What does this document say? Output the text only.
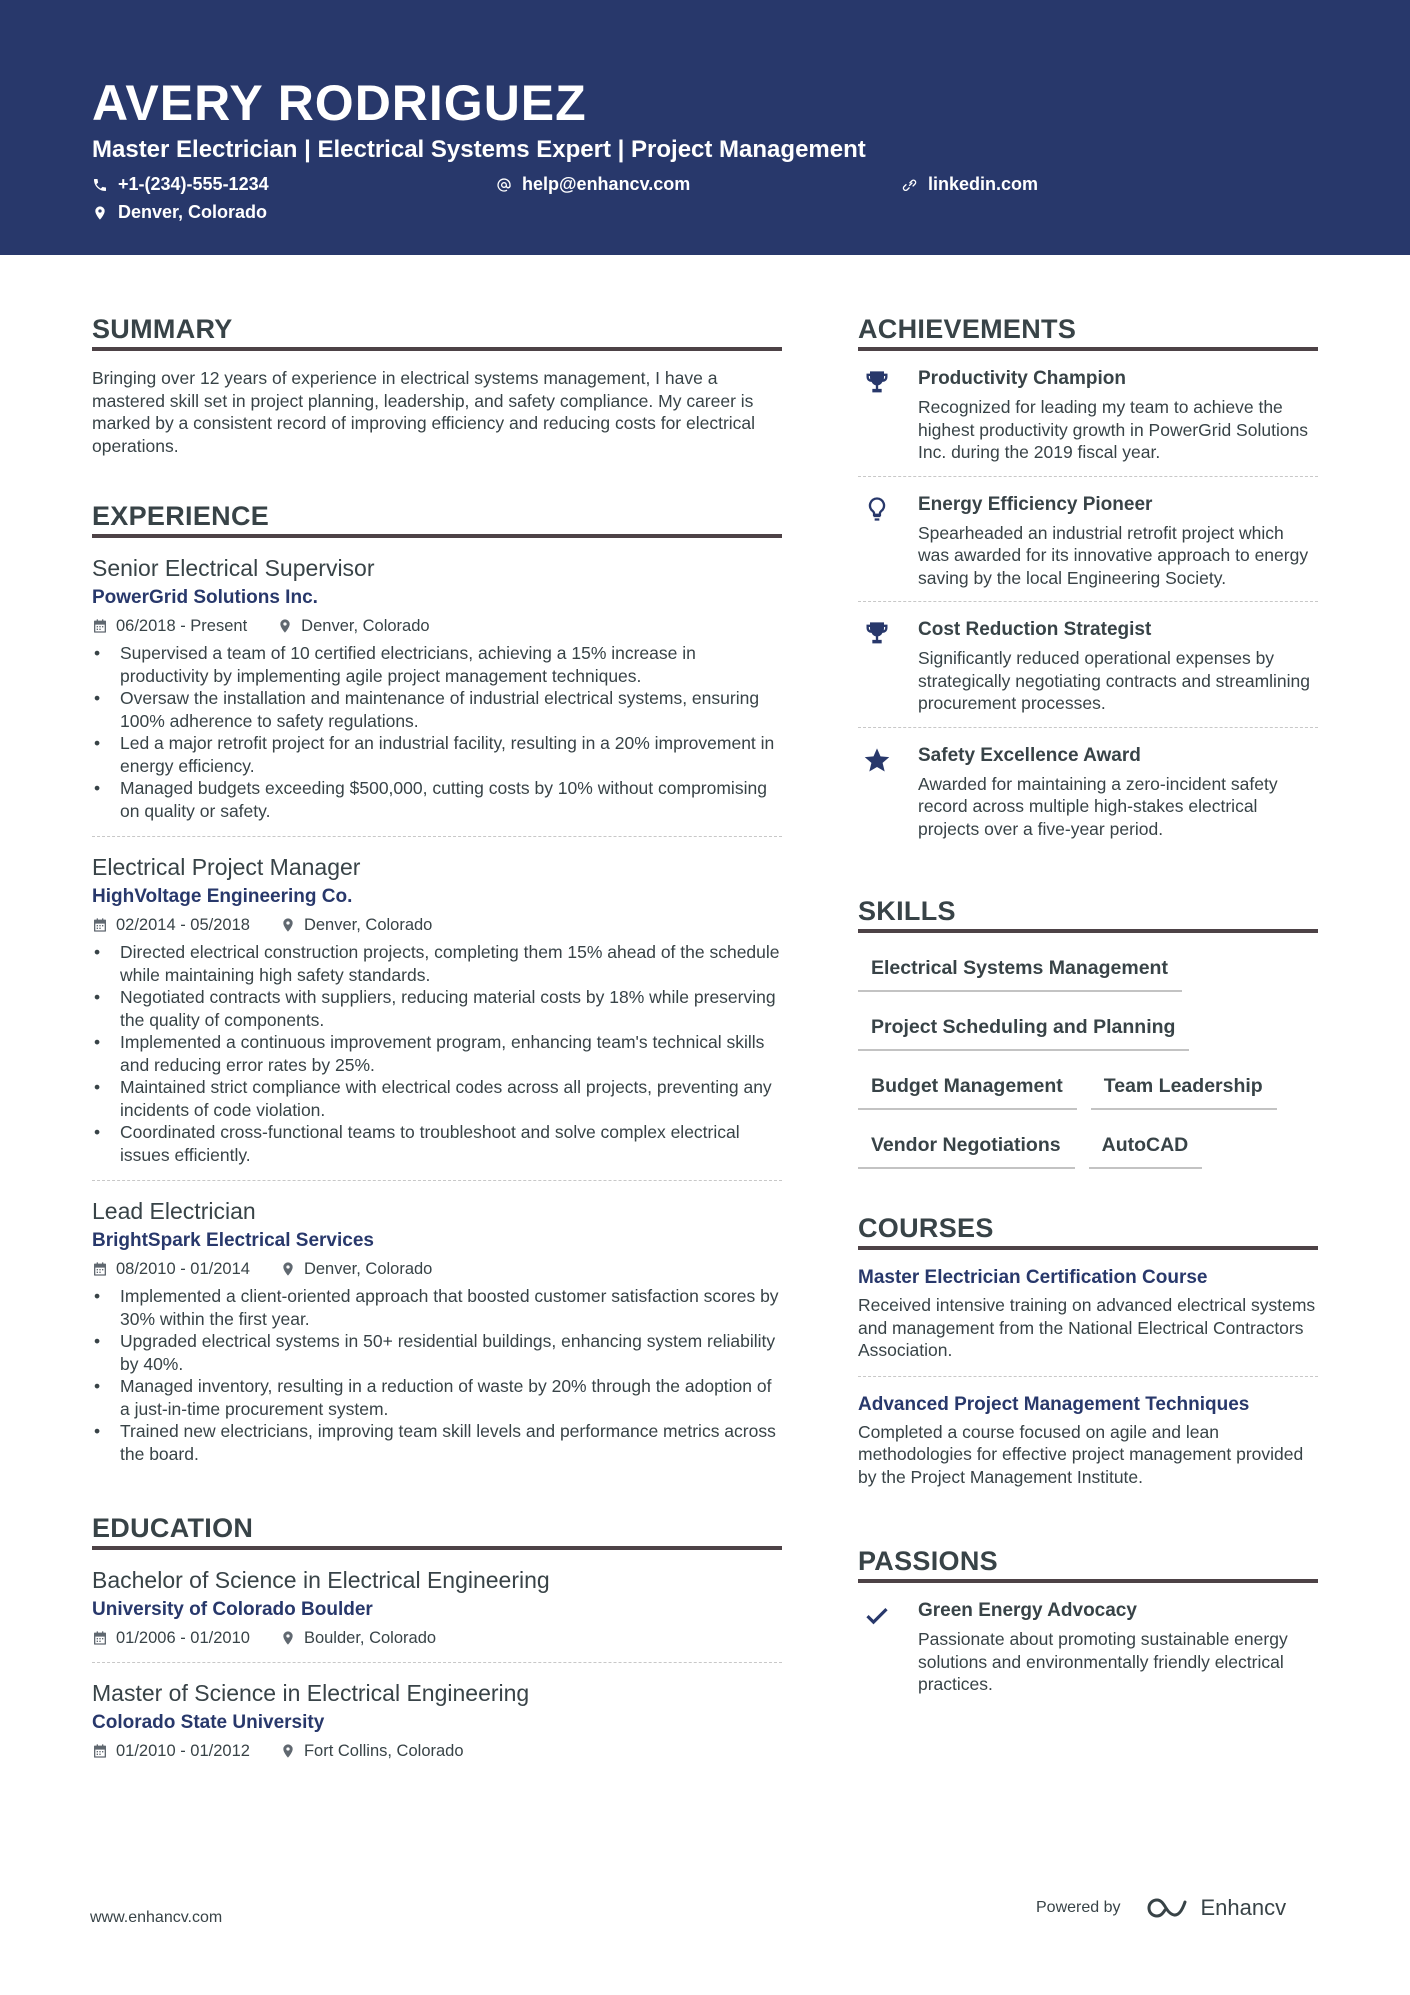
AVERY RODRIGUEZ
Master Electrician | Electrical Systems Expert | Project Management
+1-(234)-555-1234	help@enhancv.com	linkedin.com
Denver, Colorado
SUMMARY
Bringing over 12 years of experience in electrical systems management, I have a mastered skill set in project planning, leadership, and safety compliance. My career is marked by a consistent record of improving efficiency and reducing costs for electrical operations.
EXPERIENCE
Senior Electrical Supervisor
PowerGrid Solutions Inc.
06/2018 - Present	Denver, Colorado
• Supervised a team of 10 certified electricians, achieving a 15% increase in productivity by implementing agile project management techniques.
• Oversaw the installation and maintenance of industrial electrical systems, ensuring 100% adherence to safety regulations.
• Led a major retrofit project for an industrial facility, resulting in a 20% improvement in energy efficiency.
• Managed budgets exceeding $500,000, cutting costs by 10% without compromising on quality or safety.
Electrical Project Manager
HighVoltage Engineering Co.
02/2014 - 05/2018	Denver, Colorado
• Directed electrical construction projects, completing them 15% ahead of the schedule while maintaining high safety standards.
• Negotiated contracts with suppliers, reducing material costs by 18% while preserving the quality of components.
• Implemented a continuous improvement program, enhancing team's technical skills and reducing error rates by 25%.
• Maintained strict compliance with electrical codes across all projects, preventing any incidents of code violation.
• Coordinated cross-functional teams to troubleshoot and solve complex electrical issues efficiently.
Lead Electrician
BrightSpark Electrical Services
08/2010 - 01/2014	Denver, Colorado
• Implemented a client-oriented approach that boosted customer satisfaction scores by 30% within the first year.
• Upgraded electrical systems in 50+ residential buildings, enhancing system reliability by 40%.
• Managed inventory, resulting in a reduction of waste by 20% through the adoption of a just-in-time procurement system.
• Trained new electricians, improving team skill levels and performance metrics across the board.
EDUCATION
Bachelor of Science in Electrical Engineering
University of Colorado Boulder
01/2006 - 01/2010	Boulder, Colorado
Master of Science in Electrical Engineering
Colorado State University
01/2010 - 01/2012	Fort Collins, Colorado
ACHIEVEMENTS
Productivity Champion
Recognized for leading my team to achieve the highest productivity growth in PowerGrid Solutions Inc. during the 2019 fiscal year.
Energy Efficiency Pioneer
Spearheaded an industrial retrofit project which was awarded for its innovative approach to energy saving by the local Engineering Society.
Cost Reduction Strategist
Significantly reduced operational expenses by strategically negotiating contracts and streamlining procurement processes.
Safety Excellence Award
Awarded for maintaining a zero-incident safety record across multiple high-stakes electrical projects over a five-year period.
SKILLS
Electrical Systems Management
Project Scheduling and Planning
Budget Management	Team Leadership
Vendor Negotiations	AutoCAD
COURSES
Master Electrician Certification Course
Received intensive training on advanced electrical systems and management from the National Electrical Contractors Association.
Advanced Project Management Techniques
Completed a course focused on agile and lean methodologies for effective project management provided by the Project Management Institute.
PASSIONS
Green Energy Advocacy
Passionate about promoting sustainable energy solutions and environmentally friendly electrical practices.
www.enhancv.com
Powered by	Enhancv
